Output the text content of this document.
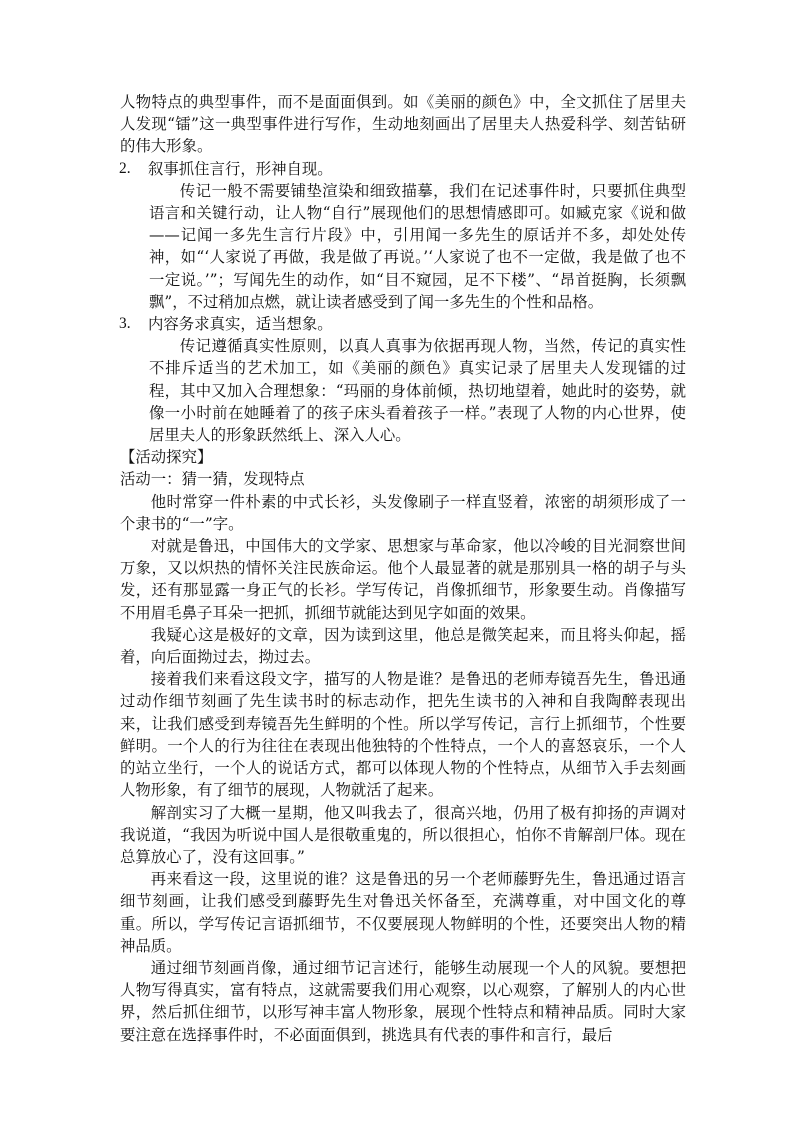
人物特点的典型事件，而不是面面俱到。如《美丽的颜色》中，全文抓住了居里夫人发现“镭”这一典型事件进行写作，生动地刻画出了居里夫人热爱科学、刻苦钻研的伟大形象。

2.	叙事抓住言行，形神自现。

传记一般不需要铺垫渲染和细致描摹，我们在记述事件时，只要抓住典型语言和关键行动，让人物“自行”展现他们的思想情感即可。如臧克家《说和做——记闻一多先生言行片段》中，引用闻一多先生的原话并不多，却处处传神，如“‘人家说了再做，我是做了再说。’‘人家说了也不一定做，我是做了也不一定说。’”；写闻先生的动作，如“目不窥园，足不下楼”、“昂首挺胸，长须飘飘”，不过稍加点燃，就让读者感受到了闻一多先生的个性和品格。

3.	内容务求真实，适当想象。

传记遵循真实性原则，以真人真事为依据再现人物，当然，传记的真实性不排斥适当的艺术加工，如《美丽的颜色》真实记录了居里夫人发现镭的过程，其中又加入合理想象：“玛丽的身体前倾，热切地望着，她此时的姿势，就像一小时前在她睡着了的孩子床头看着孩子一样。”表现了人物的内心世界，使居里夫人的形象跃然纸上、深入人心。

【活动探究】

活动一：猜一猜，发现特点

他时常穿一件朴素的中式长衫，头发像刷子一样直竖着，浓密的胡须形成了一个隶书的“一”字。

对就是鲁迅，中国伟大的文学家、思想家与革命家，他以冷峻的目光洞察世间万象，又以炽热的情怀关注民族命运。他个人最显著的就是那别具一格的胡子与头发，还有那显露一身正气的长衫。学写传记，肖像抓细节，形象要生动。肖像描写不用眉毛鼻子耳朵一把抓，抓细节就能达到见字如面的效果。

我疑心这是极好的文章，因为读到这里，他总是微笑起来，而且将头仰起，摇着，向后面拗过去，拗过去。

接着我们来看这段文字，描写的人物是谁？是鲁迅的老师寿镜吾先生，鲁迅通过动作细节刻画了先生读书时的标志动作，把先生读书的入神和自我陶醉表现出来，让我们感受到寿镜吾先生鲜明的个性。所以学写传记，言行上抓细节，个性要鲜明。一个人的行为往往在表现出他独特的个性特点，一个人的喜怒哀乐，一个人的站立坐行，一个人的说话方式，都可以体现人物的个性特点，从细节入手去刻画人物形象，有了细节的展现，人物就活了起来。

解剖实习了大概一星期，他又叫我去了，很高兴地，仍用了极有抑扬的声调对我说道，“我因为听说中国人是很敬重鬼的，所以很担心，怕你不肯解剖尸体。现在总算放心了，没有这回事。”

再来看这一段，这里说的谁？这是鲁迅的另一个老师藤野先生，鲁迅通过语言细节刻画，让我们感受到藤野先生对鲁迅关怀备至，充满尊重，对中国文化的尊重。所以，学写传记言语抓细节，不仅要展现人物鲜明的个性，还要突出人物的精神品质。

通过细节刻画肖像，通过细节记言述行，能够生动展现一个人的风貌。要想把人物写得真实，富有特点，这就需要我们用心观察，以心观察，了解别人的内心世界，然后抓住细节，以形写神丰富人物形象，展现个性特点和精神品质。同时大家要注意在选择事件时，不必面面俱到，挑选具有代表的事件和言行，最后
